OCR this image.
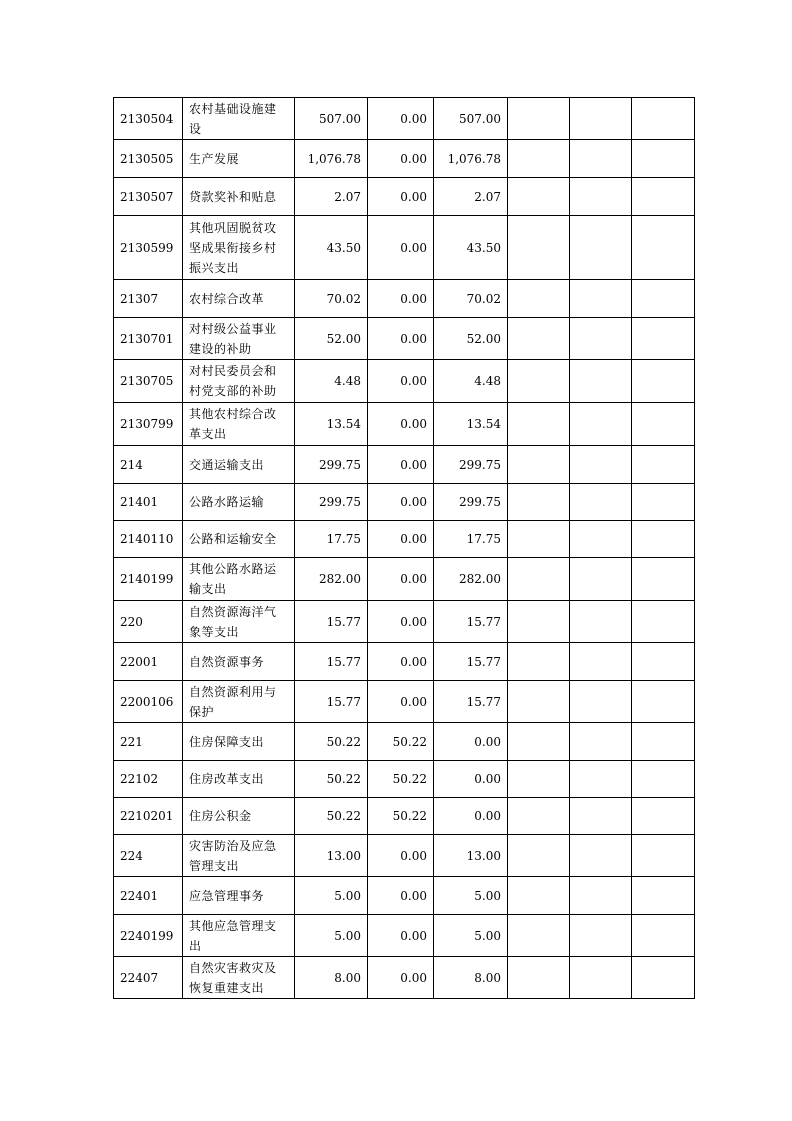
2130504	农村基础设施建设	507.00	0.00	507.00			
2130505	生产发展	1,076.78	0.00	1,076.78			
2130507	贷款奖补和贴息	2.07	0.00	2.07			
2130599	其他巩固脱贫攻坚成果衔接乡村振兴支出	43.50	0.00	43.50			
21307	农村综合改革	70.02	0.00	70.02			
2130701	对村级公益事业建设的补助	52.00	0.00	52.00			
2130705	对村民委员会和村党支部的补助	4.48	0.00	4.48			
2130799	其他农村综合改革支出	13.54	0.00	13.54			
214	交通运输支出	299.75	0.00	299.75			
21401	公路水路运输	299.75	0.00	299.75			
2140110	公路和运输安全	17.75	0.00	17.75			
2140199	其他公路水路运输支出	282.00	0.00	282.00			
220	自然资源海洋气象等支出	15.77	0.00	15.77			
22001	自然资源事务	15.77	0.00	15.77			
2200106	自然资源利用与保护	15.77	0.00	15.77			
221	住房保障支出	50.22	50.22	0.00			
22102	住房改革支出	50.22	50.22	0.00			
2210201	住房公积金	50.22	50.22	0.00			
224	灾害防治及应急管理支出	13.00	0.00	13.00			
22401	应急管理事务	5.00	0.00	5.00			
2240199	其他应急管理支出	5.00	0.00	5.00			
22407	自然灾害救灾及恢复重建支出	8.00	0.00	8.00			
